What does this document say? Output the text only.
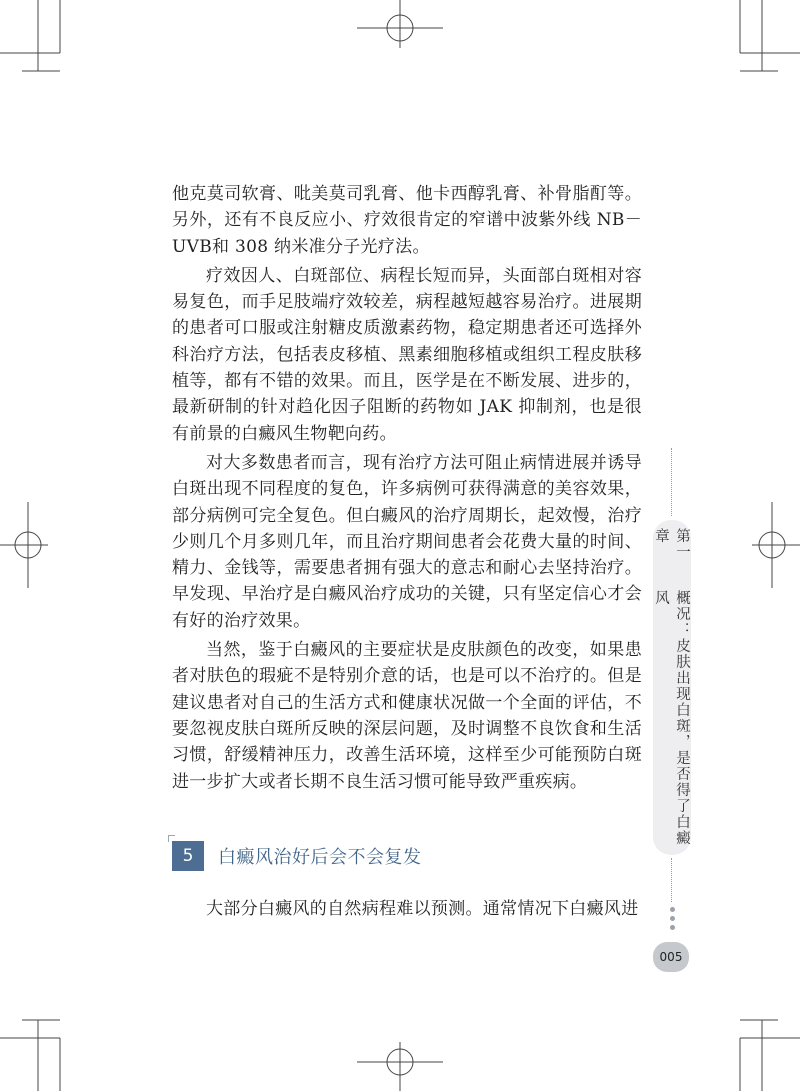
他克莫司软膏、吡美莫司乳膏、他卡西醇乳膏、补骨脂酊等。另外，还有不良反应小、疗效很肯定的窄谱中波紫外线 NB－UVB和 308 纳米准分子光疗法。

疗效因人、白斑部位、病程长短而异，头面部白斑相对容易复色，而手足肢端疗效较差，病程越短越容易治疗。进展期的患者可口服或注射糖皮质激素药物，稳定期患者还可选择外科治疗方法，包括表皮移植、黑素细胞移植或组织工程皮肤移植等，都有不错的效果。而且，医学是在不断发展、进步的，最新研制的针对趋化因子阻断的药物如 JAK 抑制剂，也是很有前景的白癜风生物靶向药。

对大多数患者而言，现有治疗方法可阻止病情进展并诱导白斑出现不同程度的复色，许多病例可获得满意的美容效果，部分病例可完全复色。但白癜风的治疗周期长，起效慢，治疗少则几个月多则几年，而且治疗期间患者会花费大量的时间、精力、金钱等，需要患者拥有强大的意志和耐心去坚持治疗。早发现、早治疗是白癜风治疗成功的关键，只有坚定信心才会有好的治疗效果。

当然，鉴于白癜风的主要症状是皮肤颜色的改变，如果患者对肤色的瑕疵不是特别介意的话，也是可以不治疗的。但是建议患者对自己的生活方式和健康状况做一个全面的评估，不要忽视皮肤白斑所反映的深层问题，及时调整不良饮食和生活习惯，舒缓精神压力，改善生活环境，这样至少可能预防白斑进一步扩大或者长期不良生活习惯可能导致严重疾病。

5	白癜风治好后会不会复发

大部分白癜风的自然病程难以预测。通常情况下白癜风进

第一章
概况：皮肤出现白斑，是否得了白癜风
005
